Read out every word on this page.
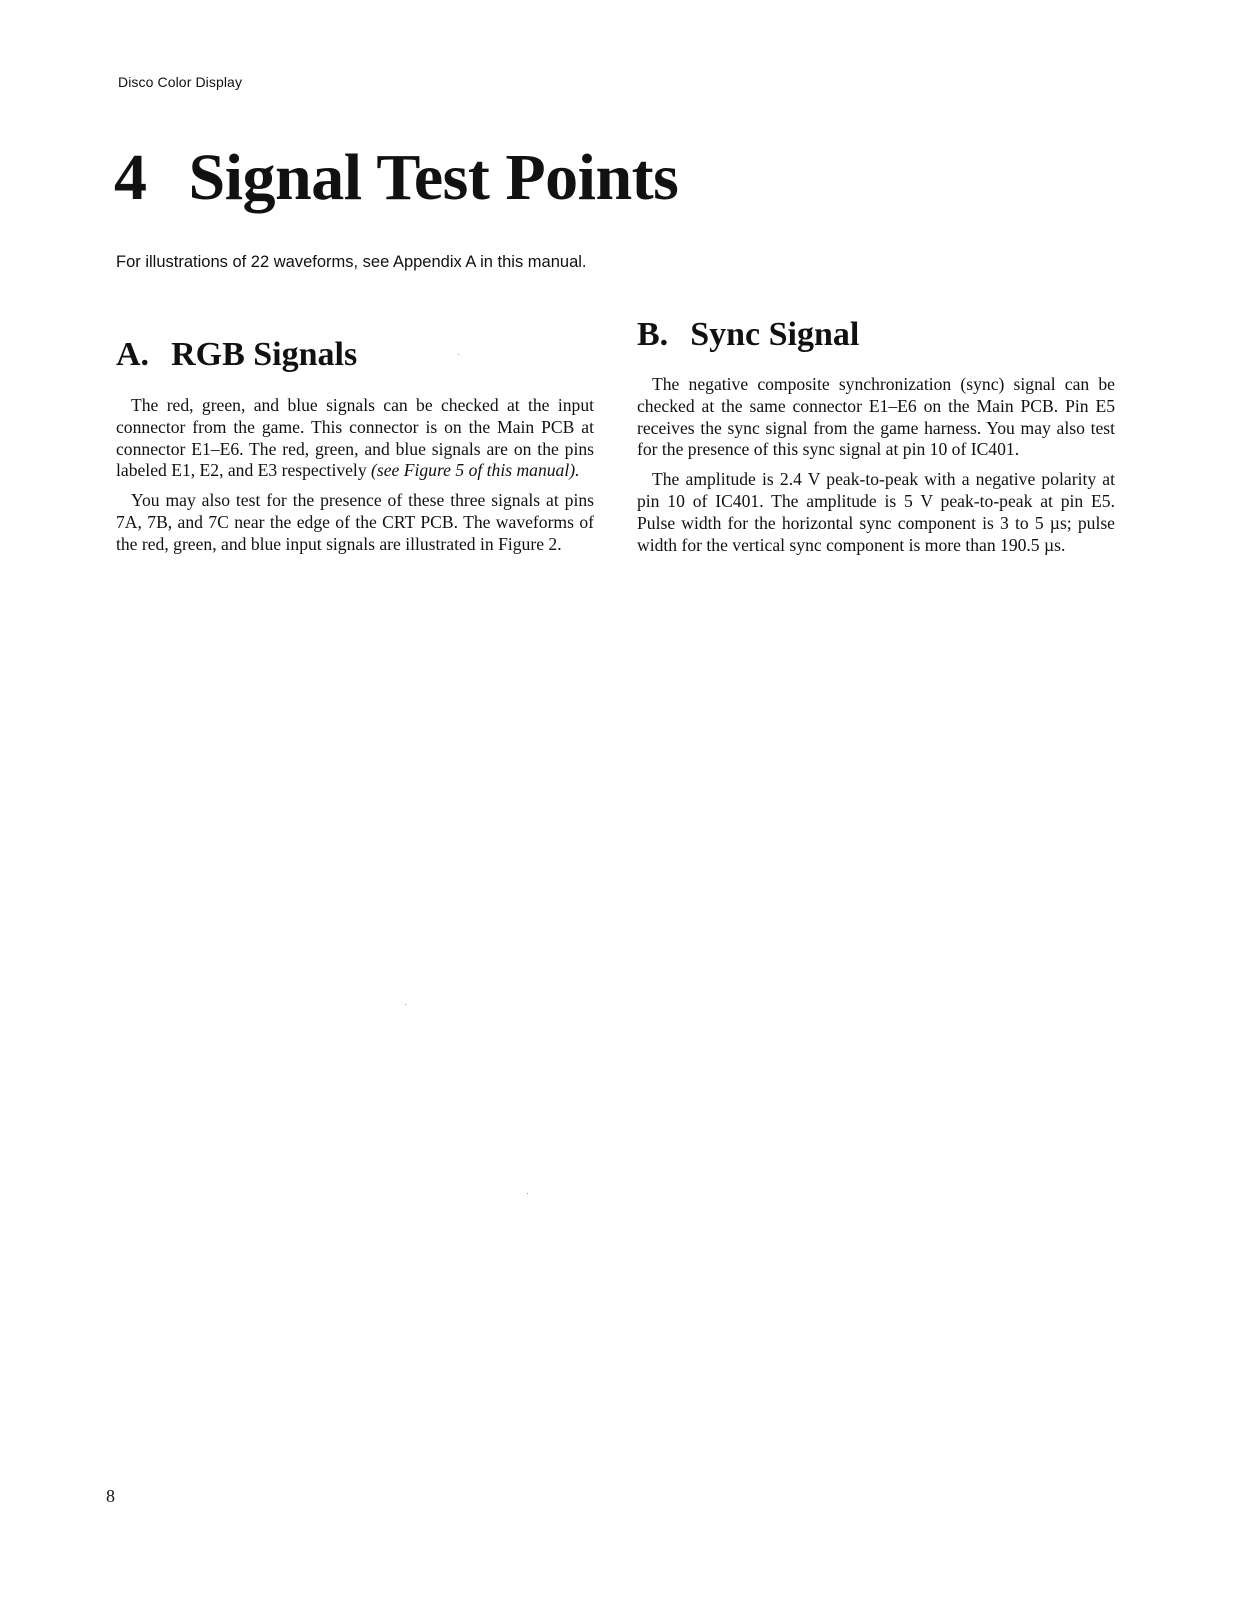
Disco Color Display
4 Signal Test Points

For illustrations of 22 waveforms, see Appendix A in this manual.

A. RGB Signals

The red, green, and blue signals can be checked at the input connector from the game. This connector is on the Main PCB at connector E1–E6. The red, green, and blue signals are on the pins labeled E1, E2, and E3 respectively (see Figure 5 of this manual).

You may also test for the presence of these three signals at pins 7A, 7B, and 7C near the edge of the CRT PCB. The waveforms of the red, green, and blue input signals are illustrated in Figure 2.

B. Sync Signal

The negative composite synchronization (sync) signal can be checked at the same connector E1–E6 on the Main PCB. Pin E5 receives the sync signal from the game harness. You may also test for the presence of this sync signal at pin 10 of IC401.

The amplitude is 2.4 V peak-to-peak with a negative polarity at pin 10 of IC401. The amplitude is 5 V peak-to-peak at pin E5. Pulse width for the horizontal sync component is 3 to 5 µs; pulse width for the vertical sync component is more than 190.5 µs.

8
